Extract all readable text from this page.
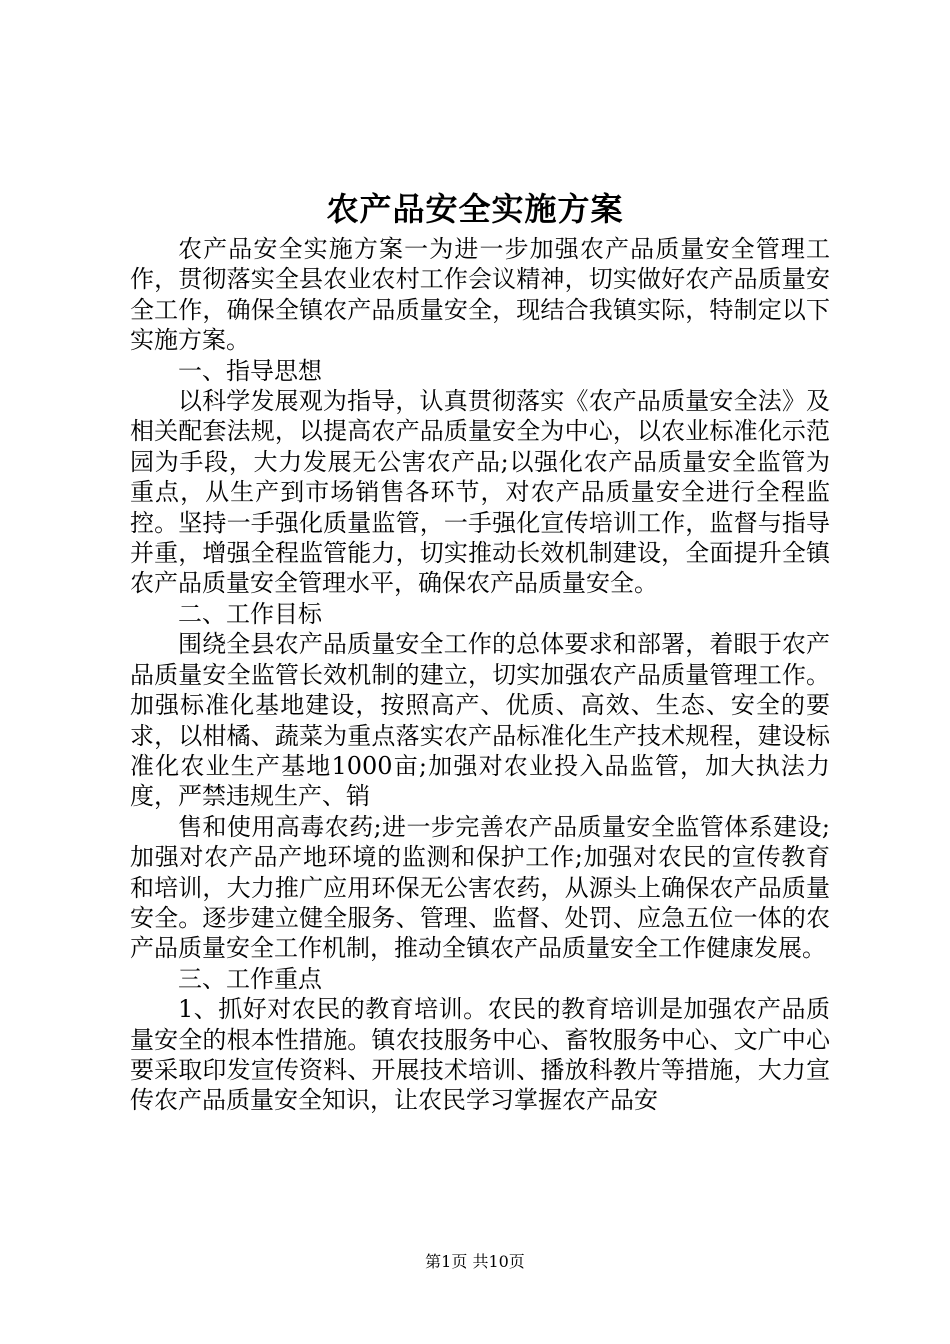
农产品安全实施方案

农产品安全实施方案一为进一步加强农产品质量安全管理工作，贯彻落实全县农业农村工作会议精神，切实做好农产品质量安全工作，确保全镇农产品质量安全，现结合我镇实际，特制定以下实施方案。

一、指导思想

以科学发展观为指导，认真贯彻落实《农产品质量安全法》及相关配套法规，以提高农产品质量安全为中心，以农业标准化示范园为手段，大力发展无公害农产品;以强化农产品质量安全监管为重点，从生产到市场销售各环节，对农产品质量安全进行全程监控。坚持一手强化质量监管，一手强化宣传培训工作，监督与指导并重，增强全程监管能力，切实推动长效机制建设，全面提升全镇农产品质量安全管理水平，确保农产品质量安全。

二、工作目标

围绕全县农产品质量安全工作的总体要求和部署，着眼于农产品质量安全监管长效机制的建立，切实加强农产品质量管理工作。加强标准化基地建设，按照高产、优质、高效、生态、安全的要求，以柑橘、蔬菜为重点落实农产品标准化生产技术规程，建设标准化农业生产基地1000亩;加强对农业投入品监管，加大执法力度，严禁违规生产、销

售和使用高毒农药;进一步完善农产品质量安全监管体系建设;加强对农产品产地环境的监测和保护工作;加强对农民的宣传教育和培训，大力推广应用环保无公害农药，从源头上确保农产品质量安全。逐步建立健全服务、管理、监督、处罚、应急五位一体的农产品质量安全工作机制，推动全镇农产品质量安全工作健康发展。

三、工作重点

1、抓好对农民的教育培训。农民的教育培训是加强农产品质量安全的根本性措施。镇农技服务中心、畜牧服务中心、文广中心要采取印发宣传资料、开展技术培训、播放科教片等措施，大力宣传农产品质量安全知识，让农民学习掌握农产品安

第1页 共10页
